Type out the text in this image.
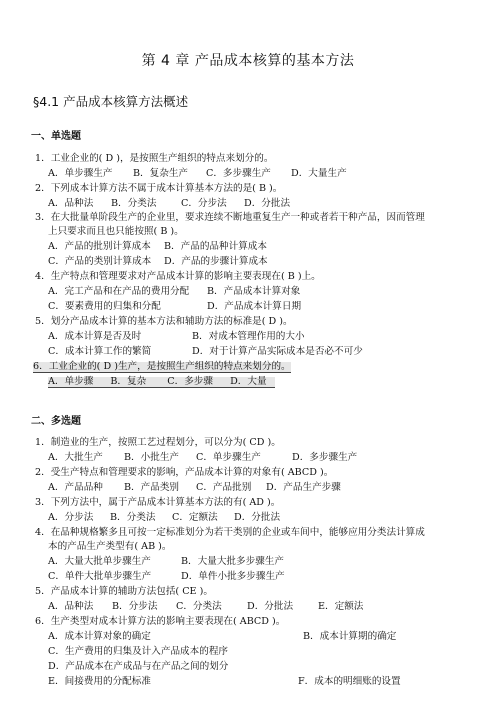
第 4 章 产品成本核算的基本方法
§4.1 产品成本核算方法概述
一、单选题
1．工业企业的( D )，是按照生产组织的特点来划分的。
A．单步骤生产 B．复杂生产 C．多步骤生产 D．大量生产
2．下列成本计算方法不属于成本计算基本方法的是( B )。
A．品种法 B．分类法	C．分步法 D．分批法
3．在大批量单阶段生产的企业里，要求连续不断地重复生产一种或者若干种产品，因而管理
上只要求而且也只能按照( B )。
A．产品的批别计算成本 B．产品的品种计算成本
C．产品的类别计算成本 D．产品的步骤计算成本
4．生产特点和管理要求对产品成本计算的影响主要表现在( B )上。
A．完工产品和在产品的费用分配 B．产品成本计算对象
C．要素费用的归集和分配	D．产品成本计算日期
5．划分产品成本计算的基本方法和辅助方法的标准是( D )。
A．成本计算是否及时	B．对成本管理作用的大小
C．成本计算工作的繁简	D．对于计算产品实际成本是否必不可少
6．工业企业的( D )生产，是按照生产组织的特点来划分的。
A．单步骤 B．复杂 C．多步骤 D．大量
二、多选题
1．制造业的生产，按照工艺过程划分，可以分为( CD )。
A．大批生产 B．小批生产 C．单步骤生产	D．多步骤生产
2．受生产特点和管理要求的影响，产品成本计算的对象有( ABCD )。
A．产品品种 B．产品类别 C．产品批别 D．产品生产步骤
3．下列方法中，属于产品成本计算基本方法的有( AD )。
A．分步法 B．分类法 C．定额法 D．分批法
4．在品种规格繁多且可按一定标准划分为若干类别的企业或车间中，能够应用分类法计算成
本的产品生产类型有( AB )。
A．大量大批单步骤生产	B．大量大批多步骤生产
C．单件大批单步骤生产	D．单件小批多步骤生产
5．产品成本计算的辅助方法包括( CE )。
A．品种法 B．分步法 C．分类法	D．分批法	E．定额法
6．生产类型对成本计算方法的影响主要表现在( ABCD )。
A．成本计算对象的确定	B．成本计算期的确定
C．生产费用的归集及计入产品成本的程序
D．产品成本在产成品与在产品之间的划分
E．间接费用的分配标准	F．成本的明细账的设置
